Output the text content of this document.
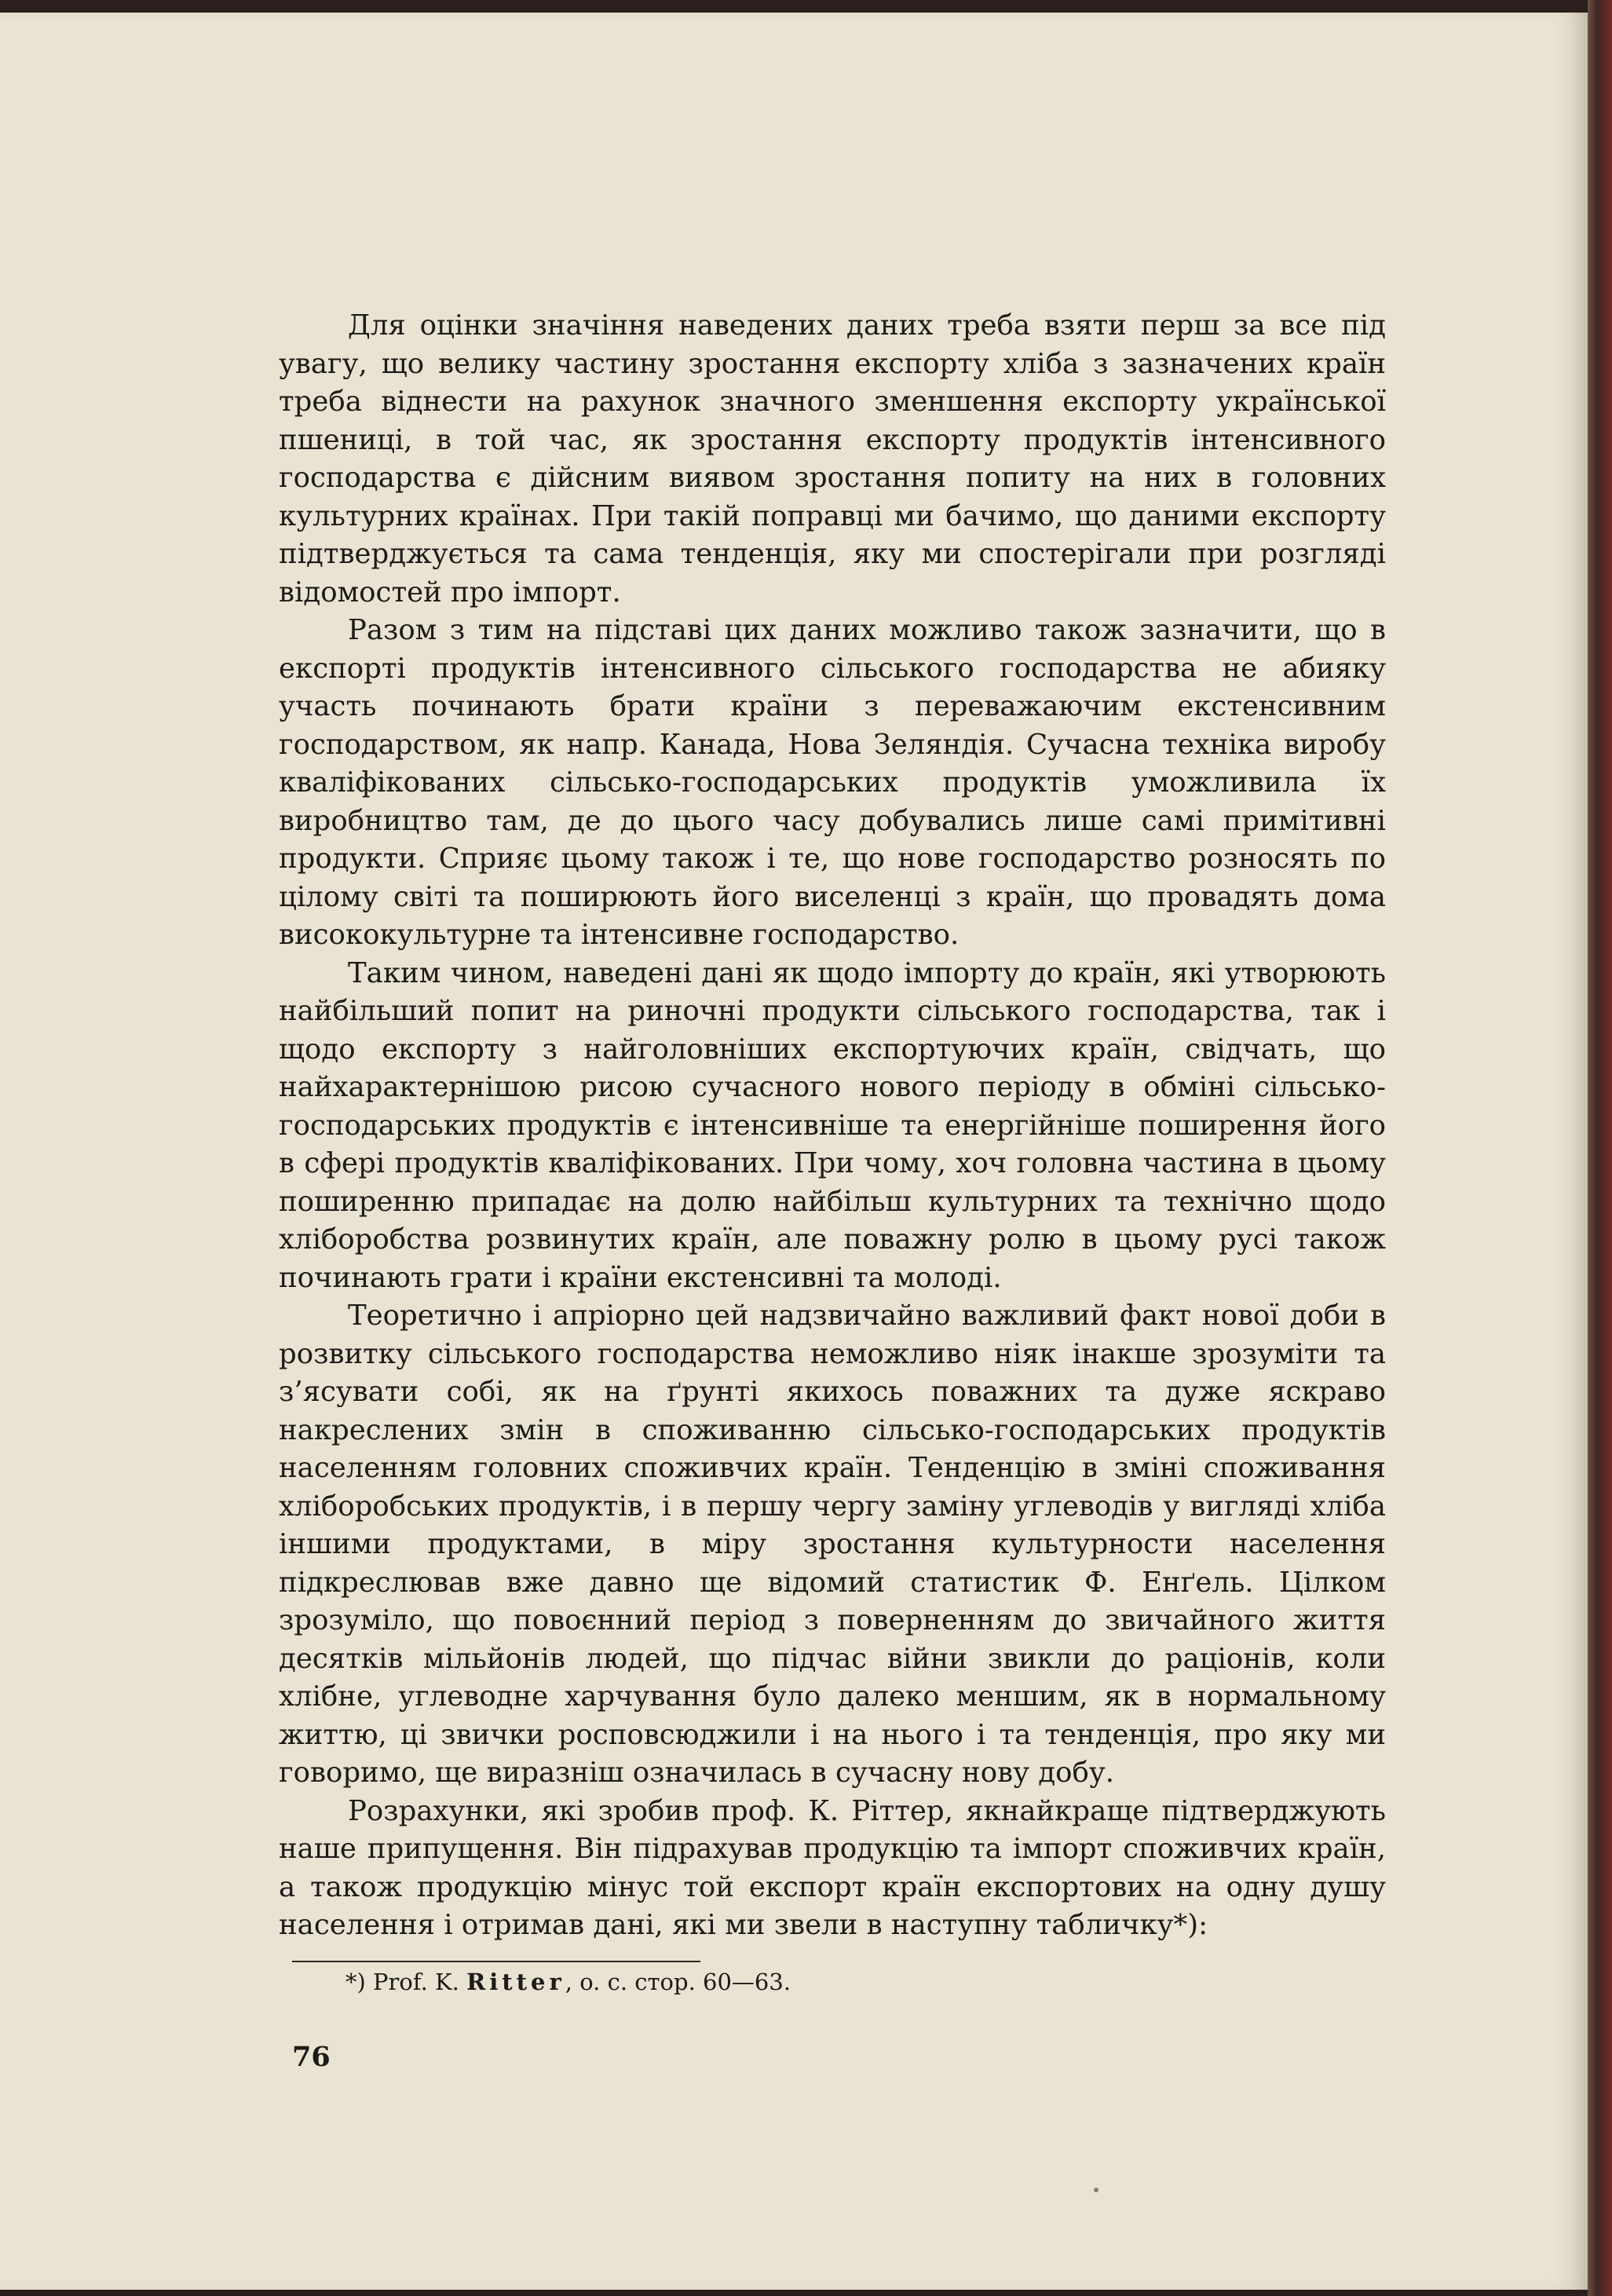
Для оцінки значіння наведених даних треба взяти перш за все під увагу, що велику частину зростання експорту хліба з зазначених країн треба віднести на рахунок значного зменшення експорту української пшениці, в той час, як зростання експорту продуктів інтенсивного господарства є дійсним виявом зростання попиту на них в головних культурних країнах. При такій поправці ми бачимо, що даними експорту підтверджується та сама тенденція, яку ми спостерігали при розгляді відомостей про імпорт.

Разом з тим на підставі цих даних можливо також зазначити, що в експорті продуктів інтенсивного сільського господарства не абияку участь починають брати країни з переважаючим екстенсивним господарством, як напр. Канада, Нова Зеляндія. Сучасна техніка виробу кваліфікованих сільсько-господарських продуктів уможливила їх виробництво там, де до цього часу добувались лише самі примітивні продукти. Сприяє цьому також і те, що нове господарство розносять по цілому світі та поширюють його виселенці з країн, що провадять дома висококультурне та інтенсивне господарство.

Таким чином, наведені дані як щодо імпорту до країн, які утворюють найбільший попит на риночні продукти сільського господарства, так і щодо експорту з найголовніших експортуючих країн, свідчать, що найхарактернішою рисою сучасного нового періоду в обміні сільсько-господарських продуктів є інтенсивніше та енергійніше поширення його в сфері продуктів кваліфікованих. При чому, хоч головна частина в цьому поширенню припадає на долю найбільш культурних та технічно щодо хліборобства розвинутих країн, але поважну ролю в цьому русі також починають грати і країни екстенсивні та молоді.

Теоретично і апріорно цей надзвичайно важливий факт нової доби в розвитку сільського господарства неможливо ніяк інакше зрозуміти та з’ясувати собі, як на ґрунті якихось поважних та дуже яскраво накреслених змін в споживанню сільсько-господарських продуктів населенням головних споживчих країн. Тенденцію в зміні споживання хліборобських продуктів, і в першу чергу заміну углеводів у вигляді хліба іншими продуктами, в міру зростання культурности населення підкреслював вже давно ще відомий статистик Ф. Енґель. Цілком зрозуміло, що повоєнний період з поверненням до звичайного життя десятків мільйонів людей, що підчас війни звикли до раціонів, коли хлібне, углеводне харчування було далеко меншим, як в нормальному життю, ці звички росповсюджили і на нього і та тенденція, про яку ми говоримо, ще виразніш означилась в сучасну нову добу.

Розрахунки, які зробив проф. К. Ріттер, якнайкраще підтверджують наше припущення. Він підрахував продукцію та імпорт споживчих країн, а також продукцію мінус той експорт країн експортових на одну душу населення і отримав дані, які ми звели в наступну табличку*):

*) Prof. K. Ritter, o. c. стор. 60—63.
76
